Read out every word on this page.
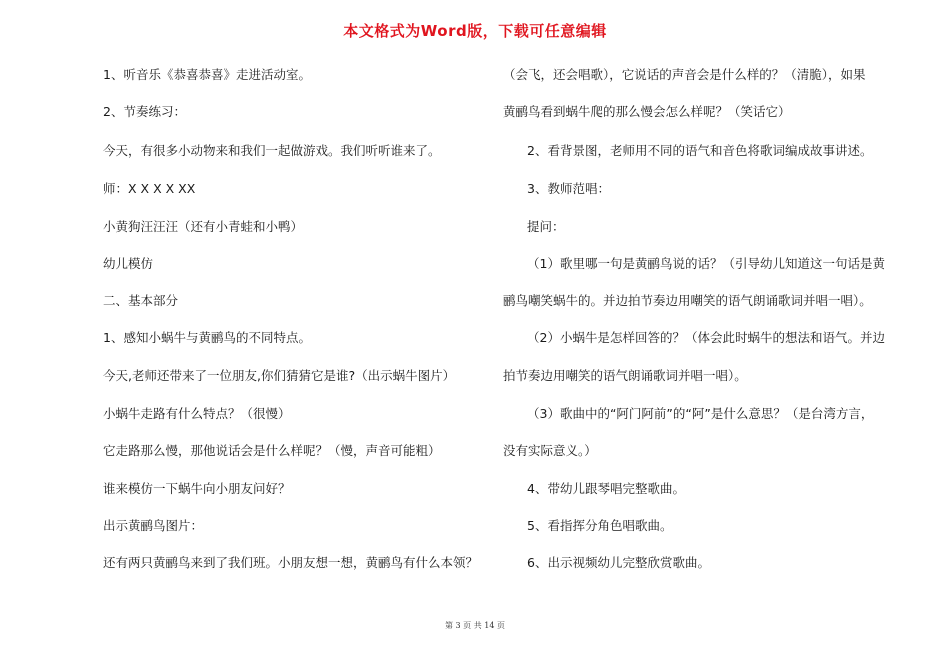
本文格式为Word版，下载可任意编辑
1、听音乐《恭喜恭喜》走进活动室。
2、节奏练习：
今天，有很多小动物来和我们一起做游戏。我们听听谁来了。
师：X X X X XX
小黄狗汪汪汪（还有小青蛙和小鸭）
幼儿模仿
二、基本部分
1、感知小蜗牛与黄鹂鸟的不同特点。
今天,老师还带来了一位朋友,你们猜猜它是谁?（出示蜗牛图片）
小蜗牛走路有什么特点？（很慢）
它走路那么慢，那他说话会是什么样呢？（慢，声音可能粗）
谁来模仿一下蜗牛向小朋友问好？
出示黄鹂鸟图片：
还有两只黄鹂鸟来到了我们班。小朋友想一想，黄鹂鸟有什么本领？
（会飞，还会唱歌），它说话的声音会是什么样的？（清脆），如果
黄鹂鸟看到蜗牛爬的那么慢会怎么样呢？（笑话它）
2、看背景图，老师用不同的语气和音色将歌词编成故事讲述。
3、教师范唱：
提问：
（1）歌里哪一句是黄鹂鸟说的话？（引导幼儿知道这一句话是黄
鹂鸟嘲笑蜗牛的。并边拍节奏边用嘲笑的语气朗诵歌词并唱一唱）。
（2）小蜗牛是怎样回答的？（体会此时蜗牛的想法和语气。并边
拍节奏边用嘲笑的语气朗诵歌词并唱一唱）。
（3）歌曲中的“阿门阿前”的“阿”是什么意思？（是台湾方言，
没有实际意义。）
4、带幼儿跟琴唱完整歌曲。
5、看指挥分角色唱歌曲。
6、出示视频幼儿完整欣赏歌曲。
第 3 页 共 14 页
